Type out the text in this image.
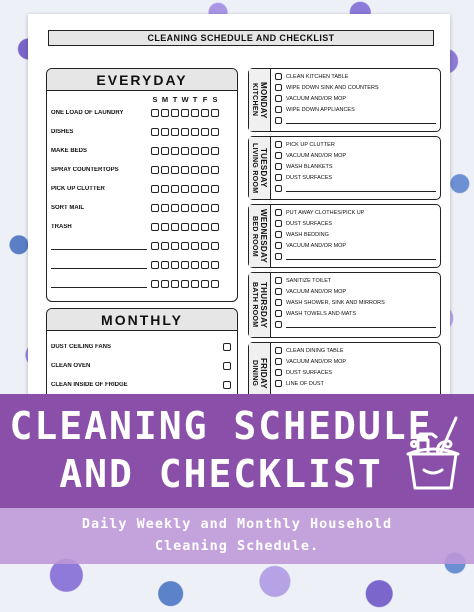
CLEANING SCHEDULE AND CHECKLIST
EVERYDAY
S M T W T F S
ONE LOAD OF LAUNDRY
DISHES
MAKE BEDS
SPRAY COUNTERTOPS
PICK UP CLUTTER
SORT MAIL
TRASH
MONTHLY
DUST CEILING FANS
CLEAN OVEN
CLEAN INSIDE OF FRIDGE
MONDAY
KITCHEN
CLEAN KITCHEN TABLE
WIPE DOWN SINK AND COUNTERS
VACUUM AND/OR MOP
WIPE DOWN APPLIANCES
TUESDAY
LIVING ROOM	PICK UP CLUTTER
VACUUM AND/OR MOP
WASH BLANKETS
DUST SURFACES
WEDNESDAY
BED ROOM
PUT AWAY CLOTHES/PICK UP
DUST SURFACES
WASH BEDDING
VACUUM AND/OR MOP
THURSDAY
BATH ROOM
SANITIZE TOILET
VACUUM AND/OR MOP
WASH SHOWER, SINK AND MIRRORS
WASH TOWELS AND MATS
FRIDAY
DINING
CLEAN DINING TABLE
VACUUM AND/OR MOP
DUST SURFACES
LINE OF DUST
CLEANING SCHEDULE
AND CHECKLIST
Daily Weekly and Monthly Household
Cleaning Schedule.
